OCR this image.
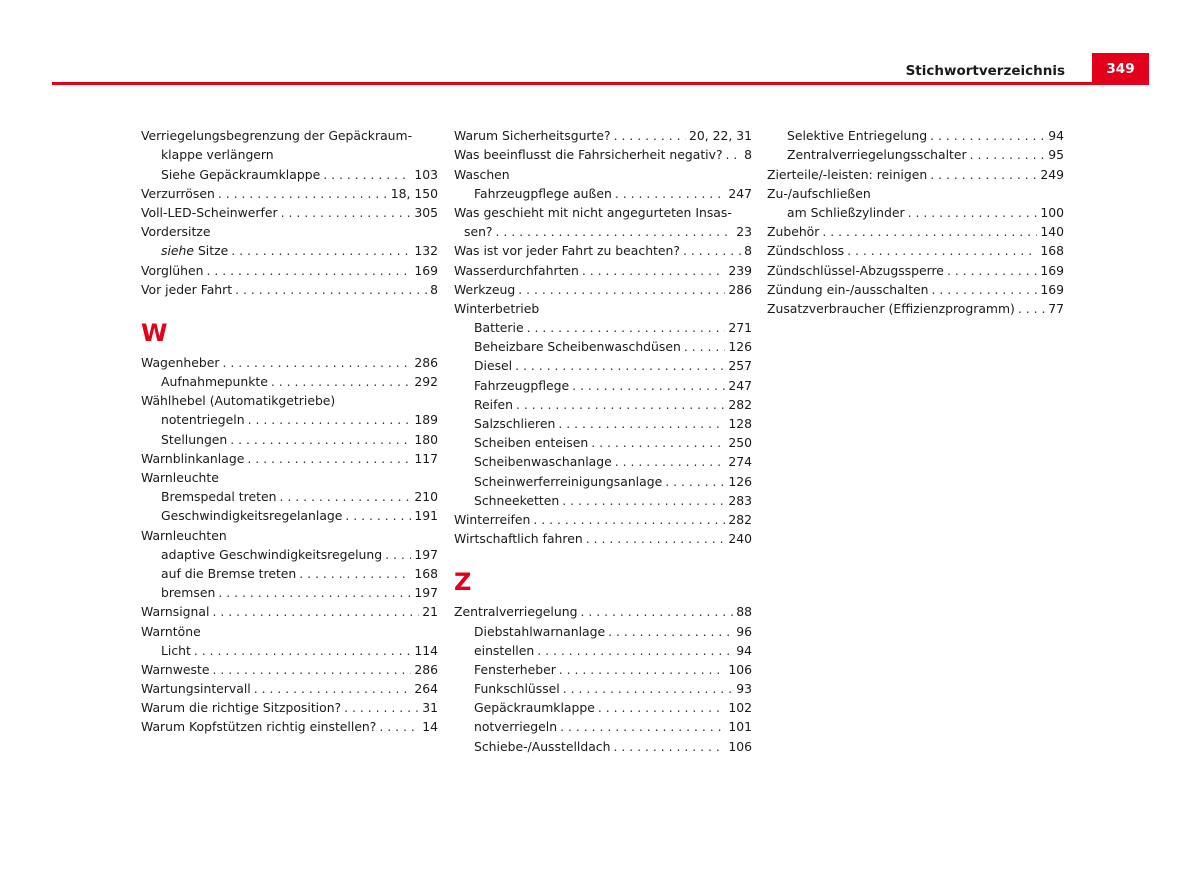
Stichwortverzeichnis	349
Verriegelungsbegrenzung der Gepäckraum-
klappe verlängern
Siehe Gepäckraumklappe . . .	103
Verzurrösen . . .	18, 150
Voll-LED-Scheinwerfer . . .	305
Vordersitze
siehe Sitze . . .	132
Vorglühen . . .	169
Vor jeder Fahrt . . .	8
W
Wagenheber . . .	286
Aufnahmepunkte . . .	292
Wählhebel (Automatikgetriebe)
notentriegeln . . .	189
Stellungen . . .	180
Warnblinkanlage . . .	117
Warnleuchte
Bremspedal treten . . .	210
Geschwindigkeitsregelanlage . . .	191
Warnleuchten
adaptive Geschwindigkeitsregelung . . .	197
auf die Bremse treten . . .	168
bremsen . . .	197
Warnsignal . . .	21
Warntöne
Licht . . .	114
Warnweste . . .	286
Wartungsintervall . . .	264
Warum die richtige Sitzposition? . . .	31
Warum Kopfstützen richtig einstellen? . . .	14
Warum Sicherheitsgurte? . . .	20, 22, 31
Was beeinflusst die Fahrsicherheit negativ? . . . 8
Waschen
Fahrzeugpflege außen . . .	247
Was geschieht mit nicht angegurteten Insas-
sen? . . .	23
Was ist vor jeder Fahrt zu beachten? . . .	8
Wasserdurchfahrten . . .	239
Werkzeug . . .	286
Winterbetrieb
Batterie . . .	271
Beheizbare Scheibenwaschdüsen . . .	126
Diesel . . .	257
Fahrzeugpflege . . .	247
Reifen . . .	282
Salzschlieren . . .	128
Scheiben enteisen . . .	250
Scheibenwaschanlage . . .	274
Scheinwerferreinigungsanlage . . .	126
Schneeketten . . .	283
Winterreifen . . .	282
Wirtschaftlich fahren . . .	240
Z
Zentralverriegelung . . .	88
Diebstahlwarnanlage . . .	96
einstellen . . .	94
Fensterheber . . .	106
Funkschlüssel . . .	93
Gepäckraumklappe . . .	102
notverriegeln . . .	101
Schiebe-/Ausstelldach . . .	106
Selektive Entriegelung . . .	94
Zentralverriegelungsschalter . . .	95
Zierteile/-leisten: reinigen . . .	249
Zu-/aufschließen
am Schließzylinder . . .	100
Zubehör . . .	140
Zündschloss . . .	168
Zündschlüssel-Abzugssperre . . .	169
Zündung ein-/ausschalten . . .	169
Zusatzverbraucher (Effizienzprogramm) . . .	77
